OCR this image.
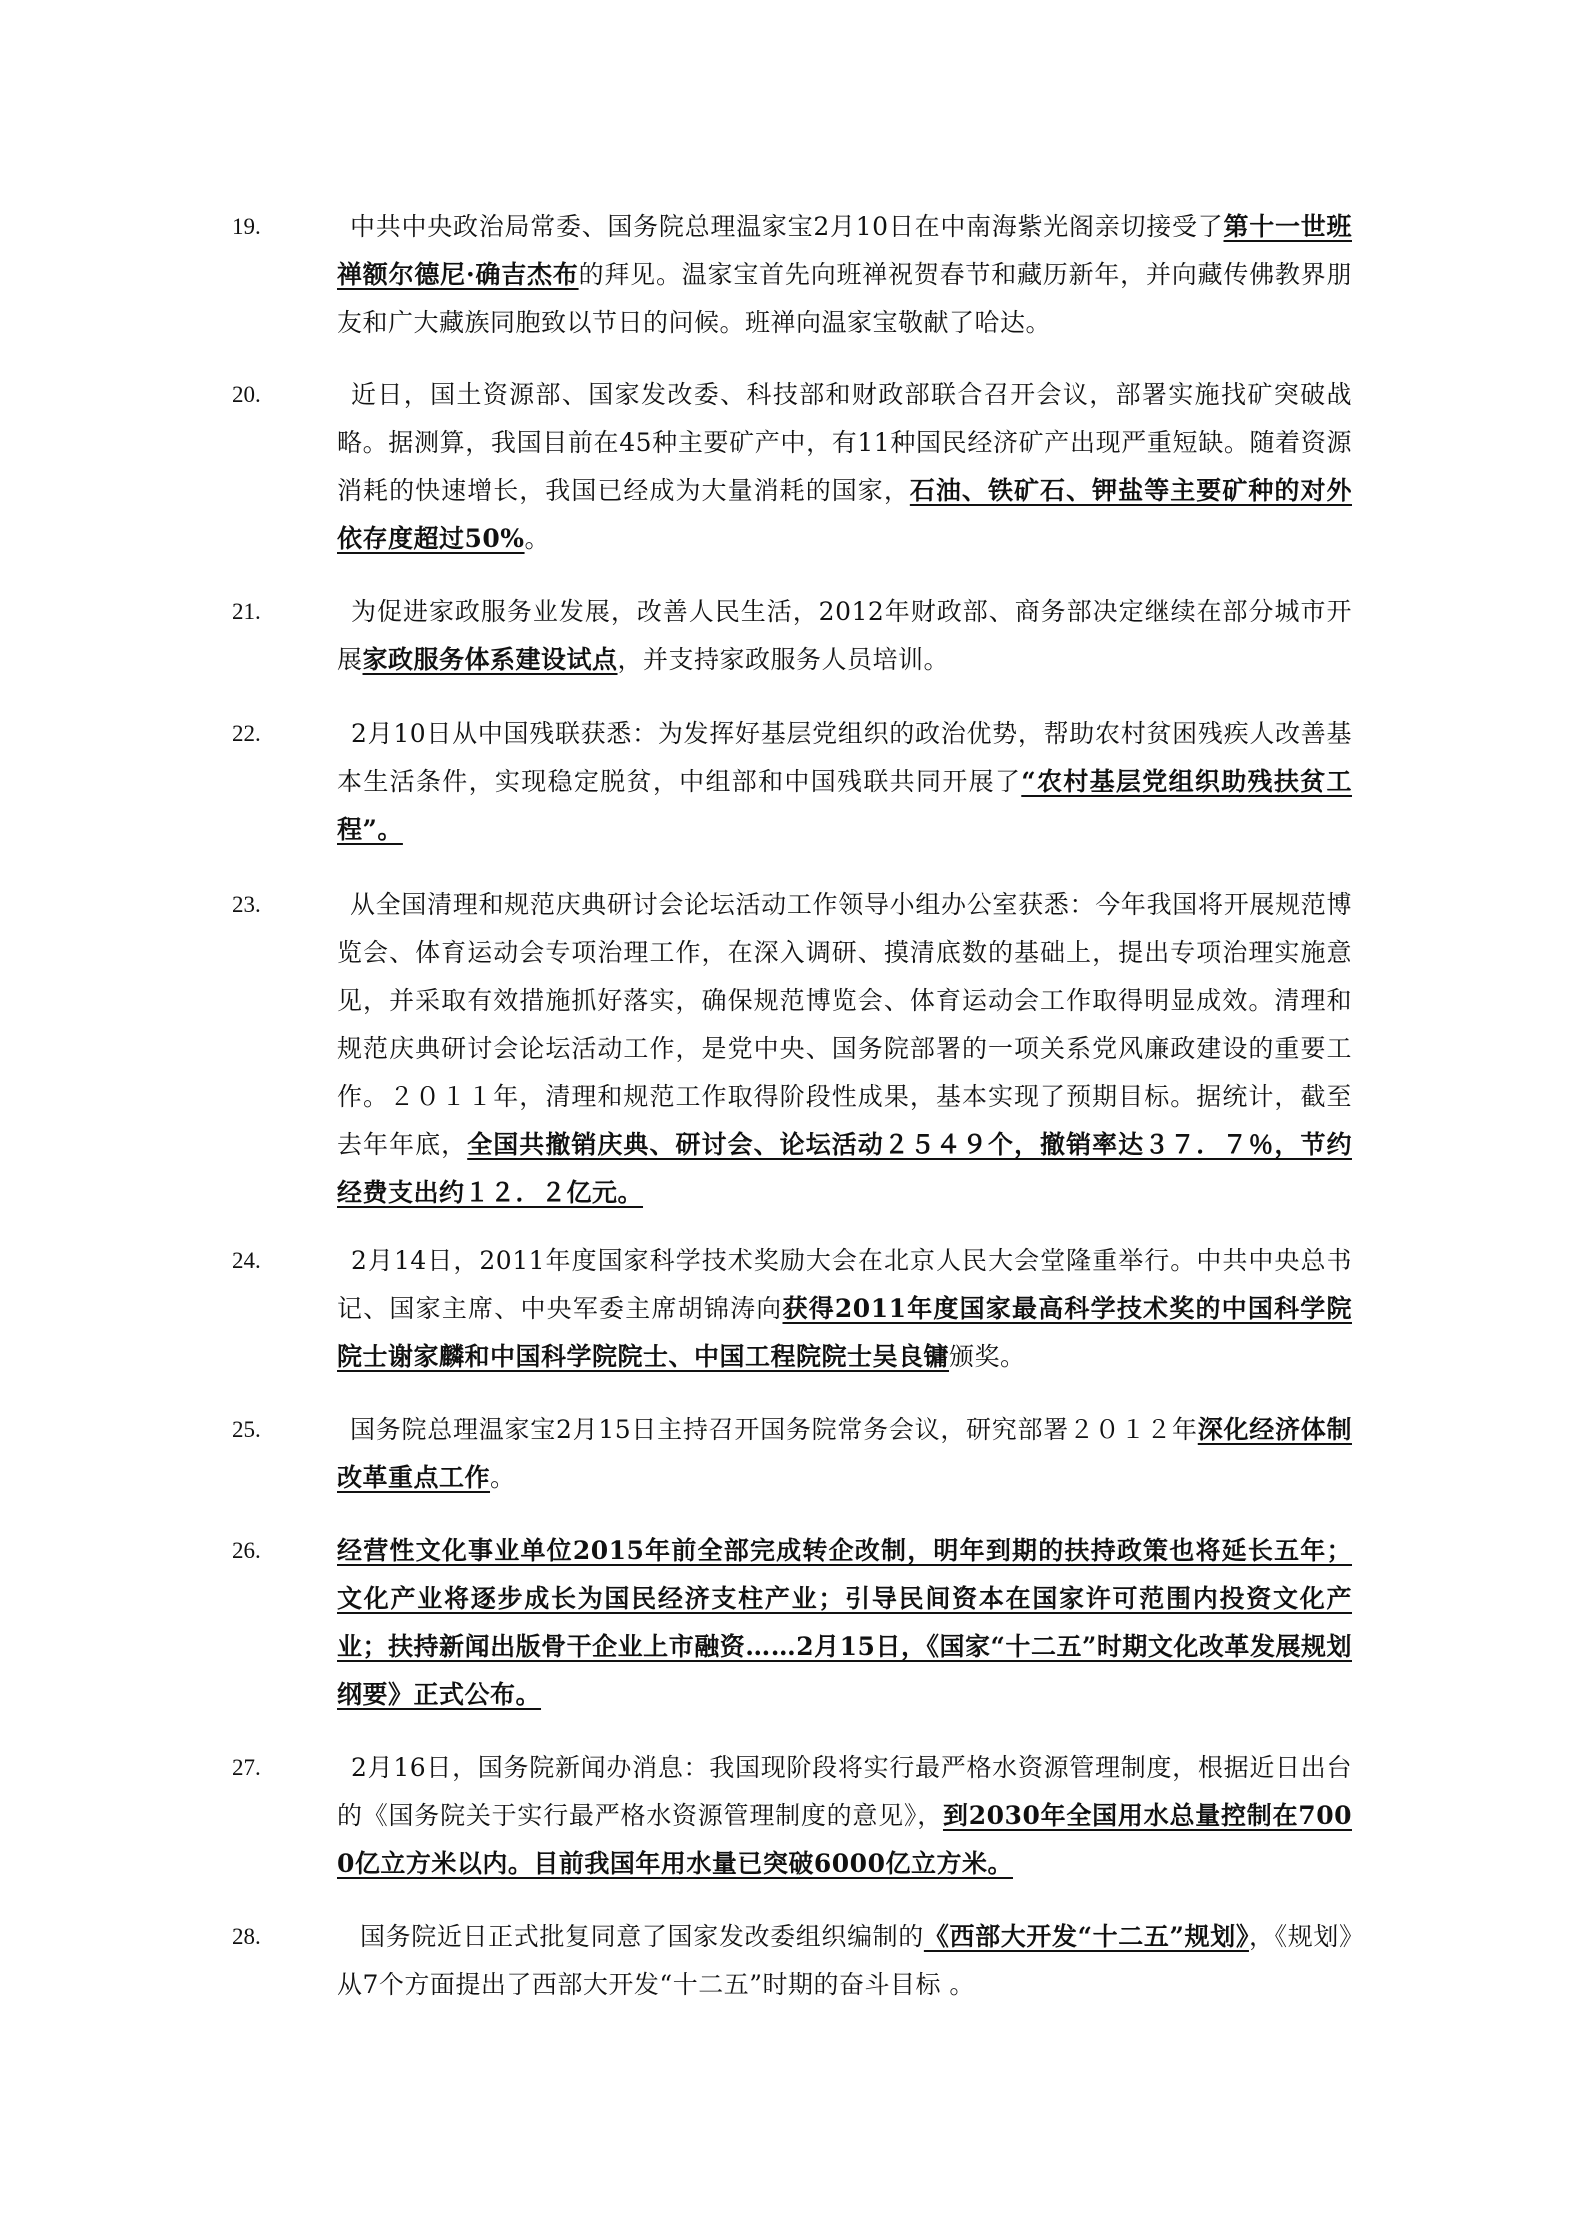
19.	中共中央政治局常委、国务院总理温家宝2月10日在中南海紫光阁亲切接受了第十一世班禅额尔德尼·确吉杰布的拜见。温家宝首先向班禅祝贺春节和藏历新年，并向藏传佛教界朋友和广大藏族同胞致以节日的问候。班禅向温家宝敬献了哈达。
20.	近日，国土资源部、国家发改委、科技部和财政部联合召开会议，部署实施找矿突破战略。据测算，我国目前在45种主要矿产中，有11种国民经济矿产出现严重短缺。随着资源消耗的快速增长，我国已经成为大量消耗的国家，石油、铁矿石、钾盐等主要矿种的对外依存度超过50%。
21.	为促进家政服务业发展，改善人民生活，2012年财政部、商务部决定继续在部分城市开展家政服务体系建设试点，并支持家政服务人员培训。
22.	2月10日从中国残联获悉：为发挥好基层党组织的政治优势，帮助农村贫困残疾人改善基本生活条件，实现稳定脱贫，中组部和中国残联共同开展了“农村基层党组织助残扶贫工程”。
23.	从全国清理和规范庆典研讨会论坛活动工作领导小组办公室获悉：今年我国将开展规范博览会、体育运动会专项治理工作，在深入调研、摸清底数的基础上，提出专项治理实施意见，并采取有效措施抓好落实，确保规范博览会、体育运动会工作取得明显成效。清理和规范庆典研讨会论坛活动工作，是党中央、国务院部署的一项关系党风廉政建设的重要工作。２０１１年，清理和规范工作取得阶段性成果，基本实现了预期目标。据统计，截至去年年底，全国共撤销庆典、研讨会、论坛活动２５４９个，撤销率达３７．７％，节约经费支出约１２．２亿元。
24.	2月14日，2011年度国家科学技术奖励大会在北京人民大会堂隆重举行。中共中央总书记、国家主席、中央军委主席胡锦涛向获得2011年度国家最高科学技术奖的中国科学院院士谢家麟和中国科学院院士、中国工程院院士吴良镛颁奖。
25.	国务院总理温家宝2月15日主持召开国务院常务会议，研究部署２０１２年深化经济体制改革重点工作。
26.	经营性文化事业单位2015年前全部完成转企改制，明年到期的扶持政策也将延长五年；文化产业将逐步成长为国民经济支柱产业；引导民间资本在国家许可范围内投资文化产业；扶持新闻出版骨干企业上市融资……2月15日，《国家“十二五”时期文化改革发展规划纲要》正式公布。
27.	2月16日，国务院新闻办消息：我国现阶段将实行最严格水资源管理制度，根据近日出台的《国务院关于实行最严格水资源管理制度的意见》，到2030年全国用水总量控制在7000亿立方米以内。目前我国年用水量已突破6000亿立方米。
28.	国务院近日正式批复同意了国家发改委组织编制的《西部大开发“十二五”规划》，《规划》从7个方面提出了西部大开发“十二五”时期的奋斗目标 。
